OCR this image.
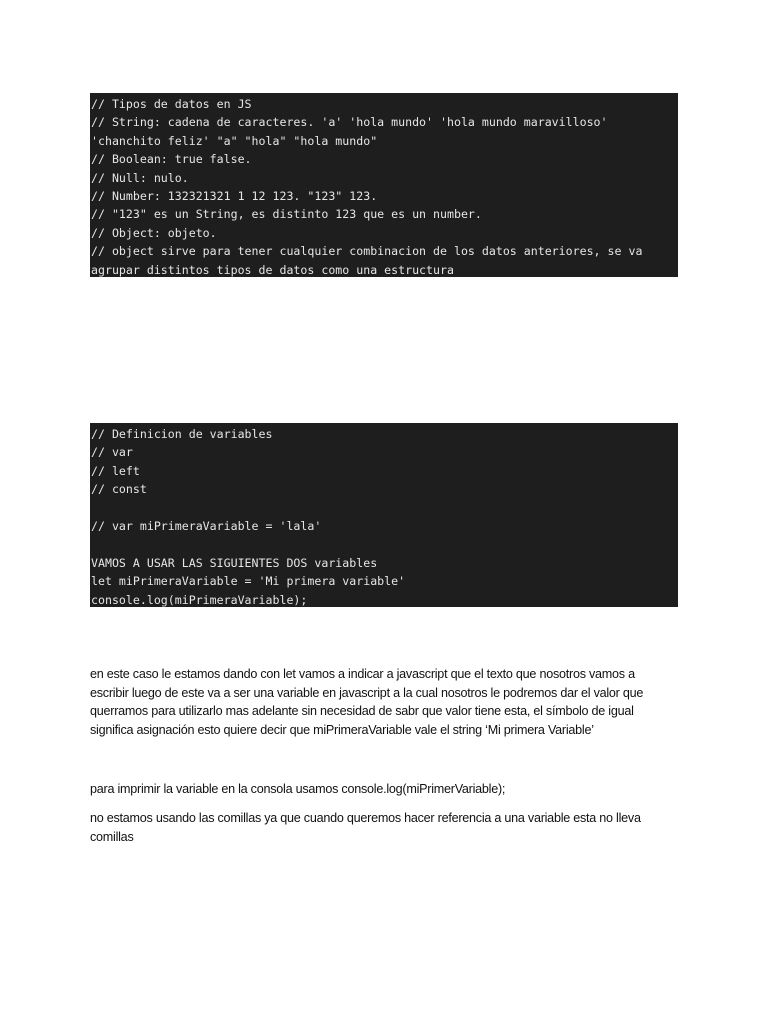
// Tipos de datos en JS
// String: cadena de caracteres. 'a' 'hola mundo' 'hola mundo maravilloso'
'chanchito feliz' "a" "hola" "hola mundo"
// Boolean: true false.
// Null: nulo.
// Number: 132321321 1 12 123. "123" 123.
// "123" es un String, es distinto 123 que es un number.
// Object: objeto.
// object sirve para tener cualquier combinacion de los datos anteriores, se va
agrupar distintos tipos de datos como una estructura
// Definicion de variables
// var
// left
// const
// var miPrimeraVariable = 'lala'
VAMOS A USAR LAS SIGUIENTES DOS variables
let miPrimeraVariable = 'Mi primera variable'
console.log(miPrimeraVariable);
en este caso le estamos dando con let vamos a indicar a javascript que el texto que nosotros vamos a
escribir luego de este va a ser una variable en javascript a la cual nosotros le podremos dar el valor que
querramos para utilizarlo mas adelante sin necesidad de sabr que valor tiene esta, el símbolo de igual
significa asignación esto quiere decir que miPrimeraVariable vale el string ‘Mi primera Variable’
para imprimir la variable en la consola usamos console.log(miPrimerVariable);
no estamos usando las comillas ya que cuando queremos hacer referencia a una variable esta no lleva
comillas
